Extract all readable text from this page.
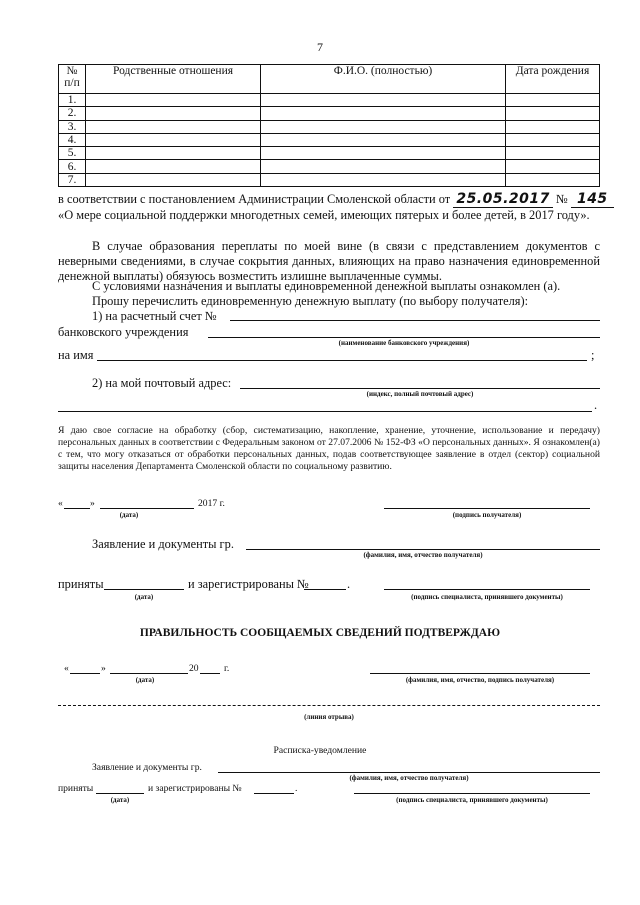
7
№ п/п	Родственные отношения	Ф.И.О. (полностью)	Дата рождения
1.			
2.			
3.			
4.			
5.			
6.			
7.			
в соответствии с постановлением Администрации Смоленской области от 25.05.2017 № 145
«О мере социальной поддержки многодетных семей, имеющих пятерых и более детей, в 2017 году».
В случае образования переплаты по моей вине (в связи с представлением документов с неверными сведениями, в случае сокрытия данных, влияющих на право назначения единовременной денежной выплаты) обязуюсь возместить излишне выплаченные суммы.
С условиями назначения и выплаты единовременной денежной выплаты ознакомлен (а).
Прошу перечислить единовременную денежную выплату (по выбору получателя):
1) на расчетный счет №
банковского учреждения
(наименование банковского учреждения)
на имя	;
2) на мой почтовый адрес:
(индекс, полный почтовый адрес)
.
Я даю свое согласие на обработку (сбор, систематизацию, накопление, хранение, уточнение, использование и передачу) персональных данных в соответствии с Федеральным законом от 27.07.2006 № 152-ФЗ «О персональных данных». Я ознакомлен(а) с тем, что могу отказаться от обработки персональных данных, подав соответствующее заявление в отдел (сектор) социальной защиты населения Департамента Смоленской области по социальному развитию.
«	»	2017 г.
(дата)	(подпись получателя)
Заявление и документы гр.
(фамилия, имя, отчество получателя)
приняты	и зарегистрированы №	.
(дата)	(подпись специалиста, принявшего документы)
ПРАВИЛЬНОСТЬ СООБЩАЕМЫХ СВЕДЕНИЙ ПОДТВЕРЖДАЮ
«	»	20	г.
(дата)	(фамилия, имя, отчество, подпись получателя)
(линия отрыва)
Расписка-уведомление
Заявление и документы гр.
(фамилия, имя, отчество получателя)
приняты	и зарегистрированы №	.
(дата)	(подпись специалиста, принявшего документы)
